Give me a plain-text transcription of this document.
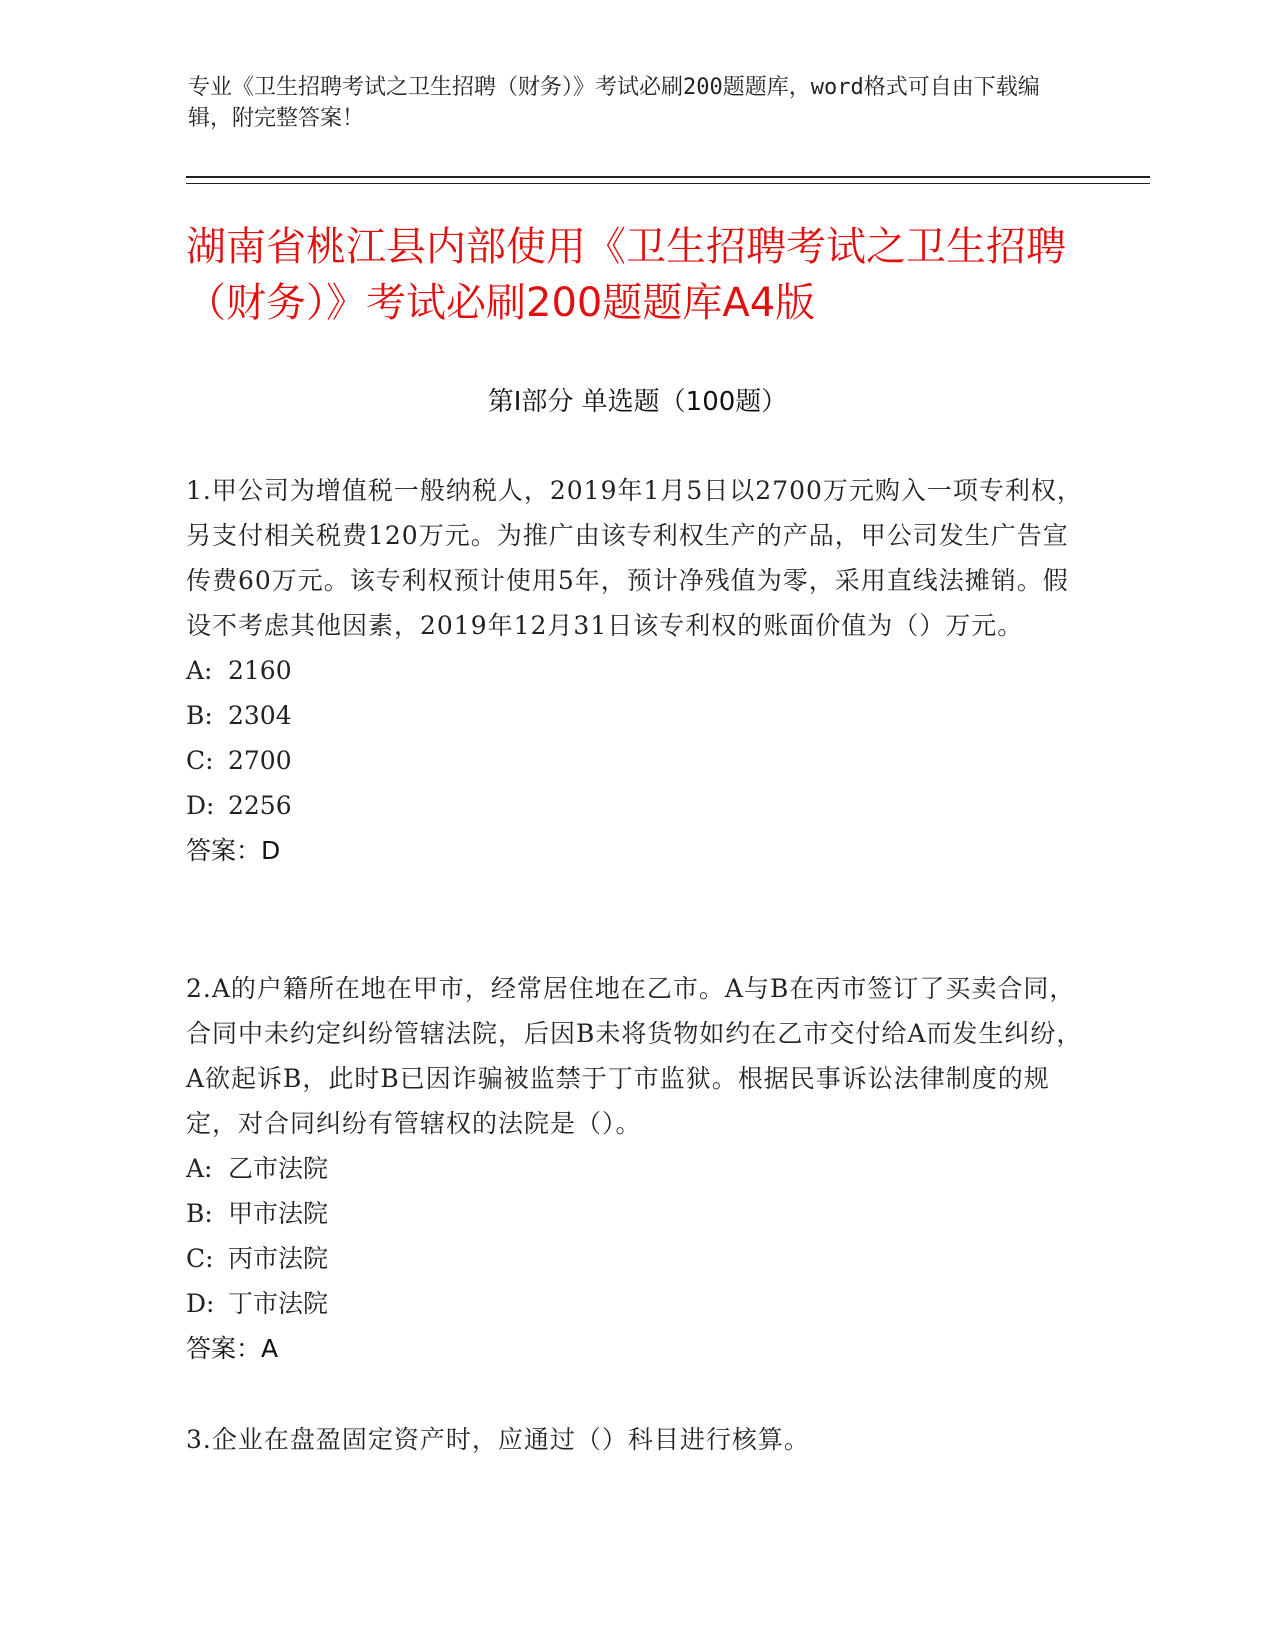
专业《卫生招聘考试之卫生招聘（财务）》考试必刷200题题库，word格式可自由下载编辑，附完整答案！
湖南省桃江县内部使用《卫生招聘考试之卫生招聘（财务）》考试必刷200题题库A4版
第Ⅰ部分 单选题（100题）
1.甲公司为增值税一般纳税人，2019年1月5日以2700万元购入一项专利权，另支付相关税费120万元。为推广由该专利权生产的产品，甲公司发生广告宣传费60万元。该专利权预计使用5年，预计净残值为零，采用直线法摊销。假设不考虑其他因素，2019年12月31日该专利权的账面价值为（）万元。
A: 2160
B: 2304
C: 2700
D: 2256
答案：D
2.A的户籍所在地在甲市，经常居住地在乙市。A与B在丙市签订了买卖合同，合同中未约定纠纷管辖法院，后因B未将货物如约在乙市交付给A而发生纠纷，A欲起诉B，此时B已因诈骗被监禁于丁市监狱。根据民事诉讼法律制度的规定，对合同纠纷有管辖权的法院是（）。
A: 乙市法院
B: 甲市法院
C: 丙市法院
D: 丁市法院
答案：A
3.企业在盘盈固定资产时，应通过（）科目进行核算。
